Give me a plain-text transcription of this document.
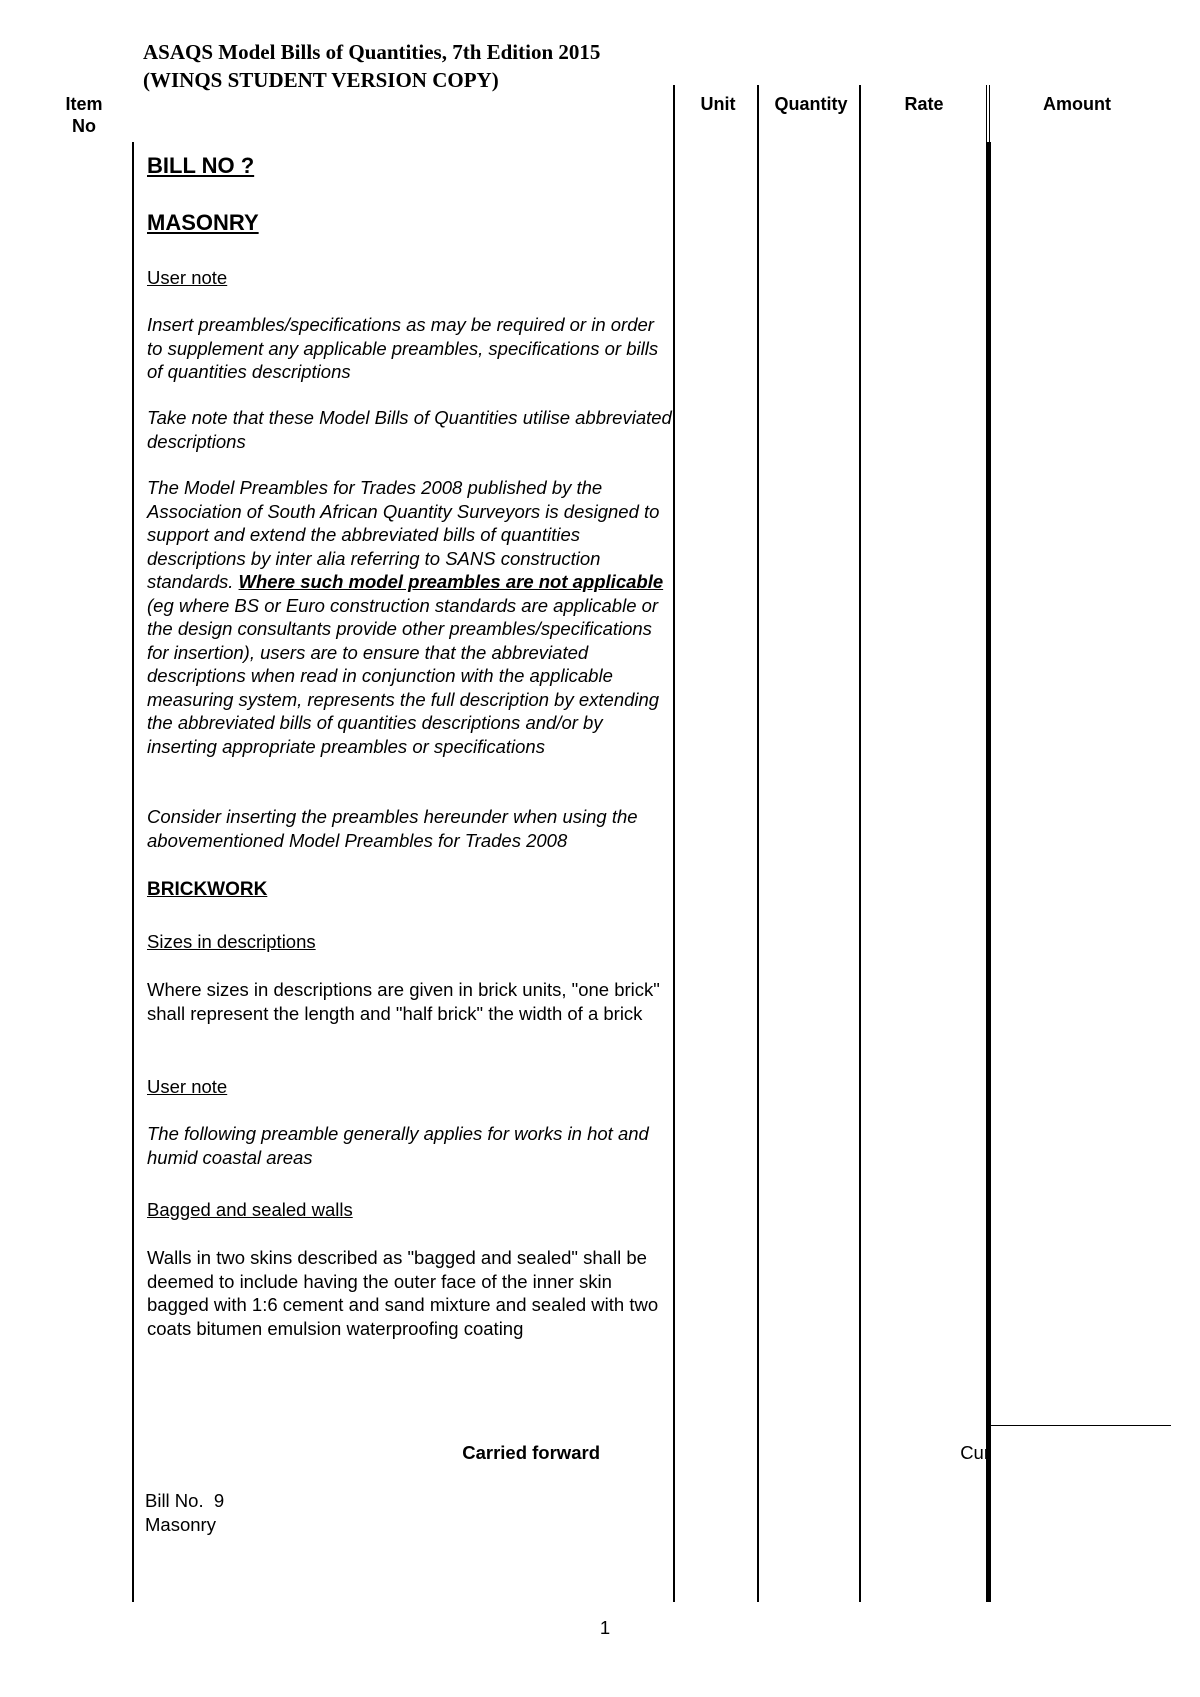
ASAQS Model Bills of Quantities, 7th Edition 2015
(WINQS STUDENT VERSION COPY)
Item
No
Unit	Quantity	Rate	Amount
BILL NO ?
MASONRY
User note

Insert preambles/specifications as may be required or in order to supplement any applicable preambles, specifications or bills of quantities descriptions

Take note that these Model Bills of Quantities utilise abbreviated descriptions

The Model Preambles for Trades 2008 published by the Association of South African Quantity Surveyors is designed to support and extend the abbreviated bills of quantities descriptions by inter alia referring to SANS construction standards. Where such model preambles are not applicable (eg where BS or Euro construction standards are applicable or the design consultants provide other preambles/specifications for insertion), users are to ensure that the abbreviated descriptions when read in conjunction with the applicable measuring system, represents the full description by extending the abbreviated bills of quantities descriptions and/or by inserting appropriate preambles or specifications

Consider inserting the preambles hereunder when using the abovementioned Model Preambles for Trades 2008

BRICKWORK
Sizes in descriptions

Where sizes in descriptions are given in brick units, "one brick" shall represent the length and "half brick" the width of a brick

User note

The following preamble generally applies for works in hot and humid coastal areas

Bagged and sealed walls

Walls in two skins described as "bagged and sealed" shall be deemed to include having the outer face of the inner skin bagged with 1:6 cement and sand mixture and sealed with two coats bitumen emulsion waterproofing coating

Carried forward	Cur
Bill No.  9
Masonry
1
